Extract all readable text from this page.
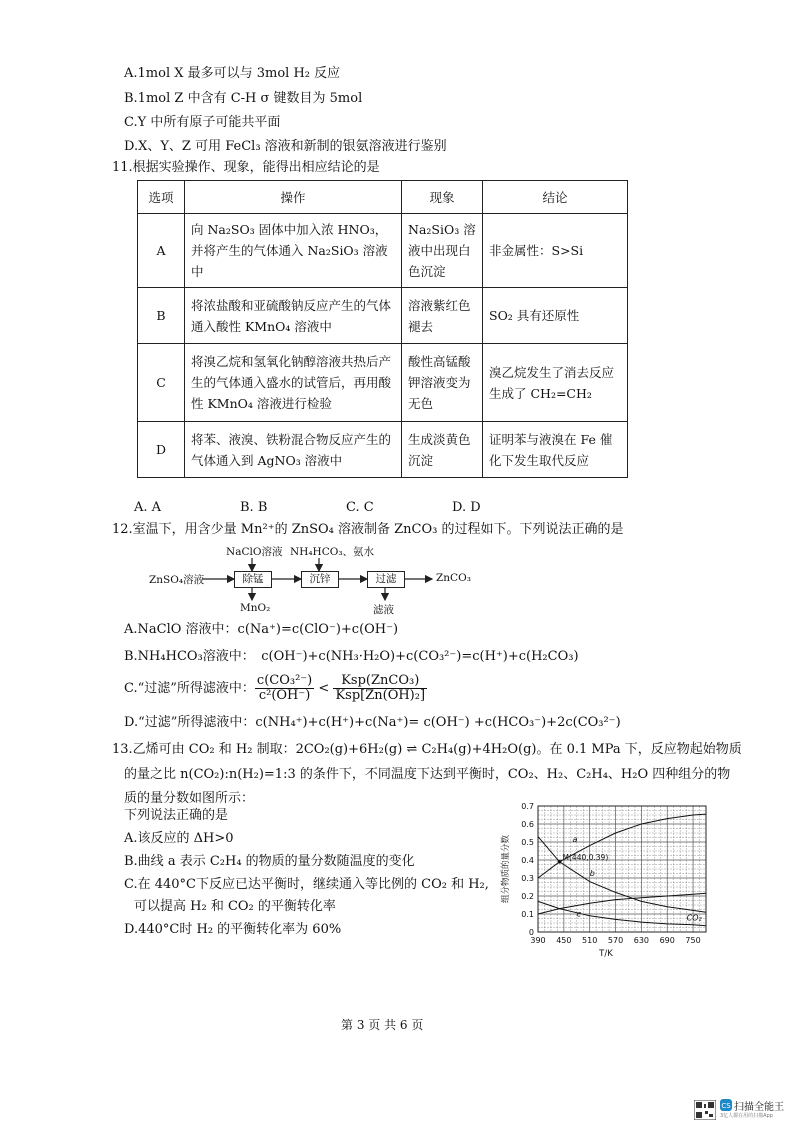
A.1mol X 最多可以与 3mol H₂ 反应
B.1mol Z 中含有 C-H σ 键数目为 5mol
C.Y 中所有原子可能共平面
D.X、Y、Z 可用 FeCl₃ 溶液和新制的银氨溶液进行鉴别
11.根据实验操作、现象，能得出相应结论的是
选项	操作	现象	结论
A	向 Na₂SO₃ 固体中加入浓 HNO₃，并将产生的气体通入 Na₂SiO₃ 溶液中	Na₂SiO₃ 溶液中出现白色沉淀	非金属性：S>Si
B	将浓盐酸和亚硫酸钠反应产生的气体通入酸性 KMnO₄ 溶液中	溶液紫红色褪去	SO₂ 具有还原性
C	将溴乙烷和氢氧化钠醇溶液共热后产生的气体通入盛水的试管后，再用酸性 KMnO₄ 溶液进行检验	酸性高锰酸钾溶液变为无色	溴乙烷发生了消去反应生成了 CH₂=CH₂
D	将苯、液溴、铁粉混合物反应产生的气体通入到 AgNO₃ 溶液中	生成淡黄色沉淀	证明苯与液溴在 Fe 催化下发生取代反应
A. A	B. B	C. C	D. D
12.室温下，用含少量 Mn²⁺的 ZnSO₄ 溶液制备 ZnCO₃ 的过程如下。下列说法正确的是
ZnSO₄溶液	除锰	沉锌	过滤	ZnCO₃
NaClO溶液 NH₄HCO₃、氨水
MnO₂	滤液
A.NaClO 溶液中：c(Na⁺)=c(ClO⁻)+c(OH⁻)
B.NH₄HCO₃溶液中：　c(OH⁻)+c(NH₃·H₂O)+c(CO₃²⁻)=c(H⁺)+c(H₂CO₃)
C.“过滤”所得滤液中： $\frac{\text{c(CO₃²⁻)}}{\text{c²(OH⁻)}} < \frac{\text{Ksp(ZnCO₃)}}{\text{Ksp[Zn(OH)₂]}}$
D.“过滤”所得滤液中：c(NH₄⁺)+c(H⁺)+c(Na⁺)= c(OH⁻) +c(HCO₃⁻)+2c(CO₃²⁻)
13.乙烯可由 CO₂ 和 H₂ 制取：2CO₂(g)+6H₂(g) ⇌ C₂H₄(g)+4H₂O(g)。在 0.1 MPa 下，反应物起始物质
的量之比 n(CO₂):n(H₂)=1:3 的条件下，不同温度下达到平衡时，CO₂、H₂、C₂H₄、H₂O 四种组分的物
质的量分数如图所示：
下列说法正确的是
A.该反应的 ΔH>0
B.曲线 a 表示 C₂H₄ 的物质的量分数随温度的变化
C.在 440°C下反应已达平衡时，继续通入等比例的 CO₂ 和 H₂,
可以提高 H₂ 和 CO₂ 的平衡转化率
D.440°C时 H₂ 的平衡转化率为 60%	0
0.1
0.2
0.3
0.4
0.5
0.6
0.7
390 450 510 570 630 690 750
T/K
组分物质的量分数	a
b
c	CO₂
M(440,0.39)
第 3 页 共 6 页
CS 扫描全能王
3亿人都在用的扫描App
